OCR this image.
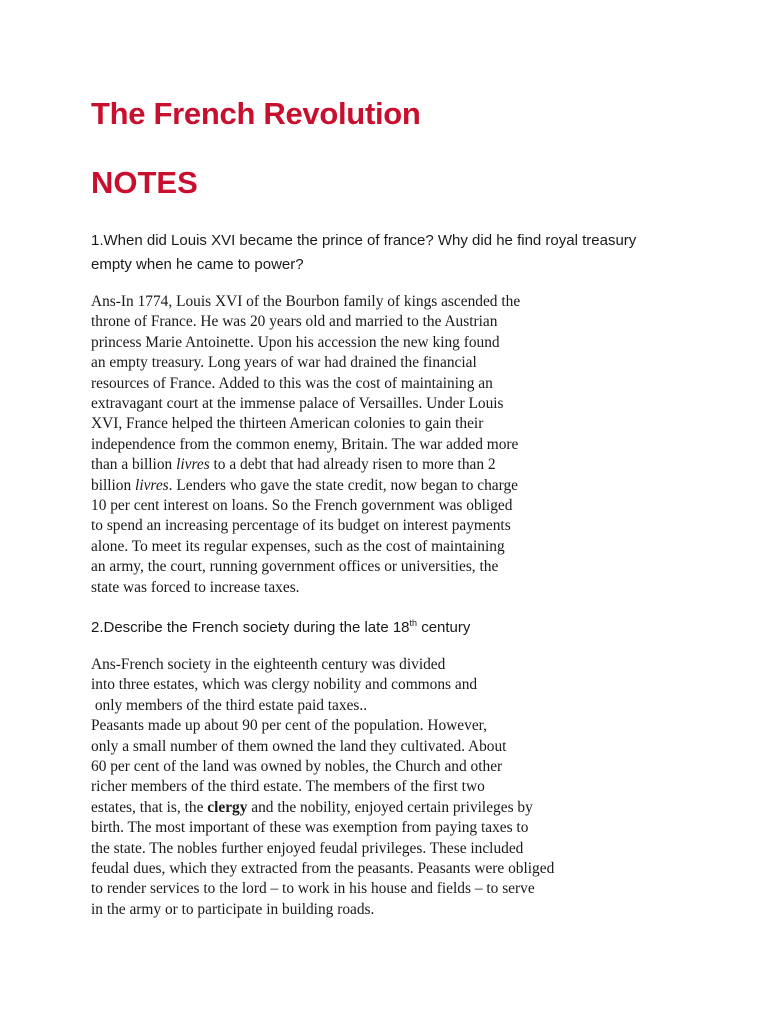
The French Revolution
NOTES

1.When did Louis XVI became the prince of france? Why did he find royal treasury
empty when he came to power?

Ans-In 1774, Louis XVI of the Bourbon family of kings ascended the
throne of France. He was 20 years old and married to the Austrian
princess Marie Antoinette. Upon his accession the new king found
an empty treasury. Long years of war had drained the financial
resources of France. Added to this was the cost of maintaining an
extravagant court at the immense palace of Versailles. Under Louis
XVI, France helped the thirteen American colonies to gain their
independence from the common enemy, Britain. The war added more
than a billion livres to a debt that had already risen to more than 2
billion livres. Lenders who gave the state credit, now began to charge
10 per cent interest on loans. So the French government was obliged
to spend an increasing percentage of its budget on interest payments
alone. To meet its regular expenses, such as the cost of maintaining
an army, the court, running government offices or universities, the
state was forced to increase taxes.

2.Describe the French society during the late 18th century

Ans-French society in the eighteenth century was divided
into three estates, which was clergy nobility and commons and
only members of the third estate paid taxes..
Peasants made up about 90 per cent of the population. However,
only a small number of them owned the land they cultivated. About
60 per cent of the land was owned by nobles, the Church and other
richer members of the third estate. The members of the first two
estates, that is, the clergy and the nobility, enjoyed certain privileges by
birth. The most important of these was exemption from paying taxes to
the state. The nobles further enjoyed feudal privileges. These included
feudal dues, which they extracted from the peasants. Peasants were obliged
to render services to the lord – to work in his house and fields – to serve
in the army or to participate in building roads.
